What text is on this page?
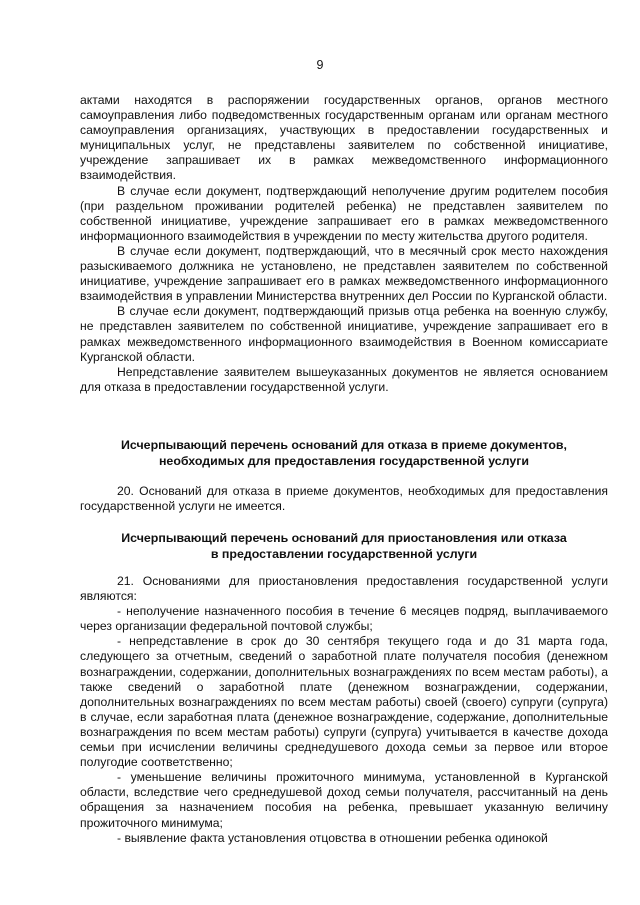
9

актами находятся в распоряжении государственных органов, органов местного самоуправления либо подведомственных государственным органам или органам местного самоуправления организациях, участвующих в предоставлении государственных и муниципальных услуг, не представлены заявителем по собственной инициативе, учреждение запрашивает их в рамках межведомственного информационного взаимодействия.

В случае если документ, подтверждающий неполучение другим родителем пособия (при раздельном проживании родителей ребенка) не представлен заявителем по собственной инициативе, учреждение запрашивает его в рамках межведомственного информационного взаимодействия в учреждении по месту жительства другого родителя.

В случае если документ, подтверждающий, что в месячный срок место нахождения разыскиваемого должника не установлено, не представлен заявителем по собственной инициативе, учреждение запрашивает его в рамках межведомственного информационного взаимодействия в управлении Министерства внутренних дел России по Курганской области.

В случае если документ, подтверждающий призыв отца ребенка на военную службу, не представлен заявителем по собственной инициативе, учреждение запрашивает его в рамках межведомственного информационного взаимодействия в Военном комиссариате Курганской области.

Непредставление заявителем вышеуказанных документов не является основанием для отказа в предоставлении государственной услуги.

Исчерпывающий перечень оснований для отказа в приеме документов,
необходимых для предоставления государственной услуги

20. Оснований для отказа в приеме документов, необходимых для предоставления государственной услуги не имеется.

Исчерпывающий перечень оснований для приостановления или отказа
в предоставлении государственной услуги

21. Основаниями для приостановления предоставления государственной услуги являются:

- неполучение назначенного пособия в течение 6 месяцев подряд, выплачиваемого через организации федеральной почтовой службы;

- непредставление в срок до 30 сентября текущего года и до 31 марта года, следующего за отчетным, сведений о заработной плате получателя пособия (денежном вознаграждении, содержании, дополнительных вознаграждениях по всем местам работы), а также сведений о заработной плате (денежном вознаграждении, содержании, дополнительных вознаграждениях по всем местам работы) своей (своего) супруги (супруга) в случае, если заработная плата (денежное вознаграждение, содержание, дополнительные вознаграждения по всем местам работы) супруги (супруга) учитывается в качестве дохода семьи при исчислении величины среднедушевого дохода семьи за первое или второе полугодие соответственно;

- уменьшение величины прожиточного минимума, установленной в Курганской области, вследствие чего среднедушевой доход семьи получателя, рассчитанный на день обращения за назначением пособия на ребенка, превышает указанную величину прожиточного минимума;

- выявление факта установления отцовства в отношении ребенка одинокой
